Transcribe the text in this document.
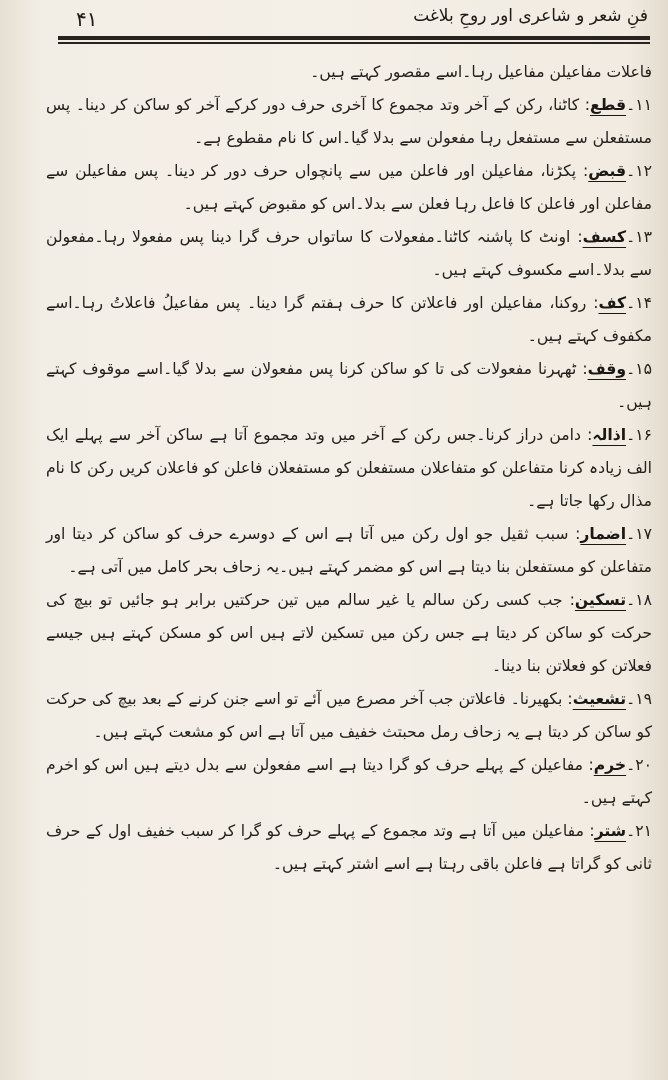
۴۱	فنِ شعر و شاعری اور روحِ بلاغت

فاعلات مفاعیلن مفاعیل رہا۔اسے مقصور کہتے ہیں۔

۱۱۔قطع: کاٹنا، رکن کے آخر وتد مجموع کا آخری حرف دور کرکے آخر کو ساکن کر دینا۔ پس مستفعلن سے مستفعل رہا مفعولن سے بدلا گیا۔اس کا نام مقطوع ہے۔

۱۲۔قبض: پکڑنا، مفاعیلن اور فاعلن میں سے پانچواں حرف دور کر دینا۔ پس مفاعیلن سے مفاعلن اور فاعلن کا فاعل رہا فعلن سے بدلا۔اس کو مقبوض کہتے ہیں۔

۱۳۔کسف: اونٹ کا پاشنہ کاٹنا۔مفعولات کا ساتواں حرف گرا دینا پس مفعولا رہا۔مفعولن سے بدلا۔اسے مکسوف کہتے ہیں۔

۱۴۔کف: روکنا، مفاعیلن اور فاعلاتن کا حرف ہفتم گرا دینا۔ پس مفاعیلُ فاعلاتُ رہا۔اسے مکفوف کہتے ہیں۔

۱۵۔وقف: ٹھہرنا مفعولات کی تا کو ساکن کرنا پس مفعولان سے بدلا گیا۔اسے موقوف کہتے ہیں۔

۱۶۔اذالہ: دامن دراز کرنا۔جس رکن کے آخر میں وتد مجموع آتا ہے ساکن آخر سے پہلے ایک الف زیادہ کرنا متفاعلن کو متفاعلان مستفعلن کو مستفعلان فاعلن کو فاعلان کریں رکن کا نام مذال رکھا جاتا ہے۔

۱۷۔اضمار: سبب ثقیل جو اول رکن میں آتا ہے اس کے دوسرے حرف کو ساکن کر دیتا اور متفاعلن کو مستفعلن بنا دیتا ہے اس کو مضمر کہتے ہیں۔یہ زحاف بحر کامل میں آتی ہے۔

۱۸۔تسکین: جب کسی رکن سالم یا غیر سالم میں تین حرکتیں برابر ہو جائیں تو بیچ کی حرکت کو ساکن کر دیتا ہے جس رکن میں تسکین لاتے ہیں اس کو مسکن کہتے ہیں جیسے فعلاتن کو فعلاتن بنا دینا۔

۱۹۔تشعیث: بکھیرنا۔ فاعلاتن جب آخر مصرع میں آئے تو اسے جنن کرنے کے بعد بیچ کی حرکت کو ساکن کر دیتا ہے یہ زحاف رمل محبتث خفیف میں آتا ہے اس کو مشعت کہتے ہیں۔

۲۰۔خرم: مفاعیلن کے پہلے حرف کو گرا دیتا ہے اسے مفعولن سے بدل دیتے ہیں اس کو اخرم کہتے ہیں۔

۲۱۔شتر: مفاعیلن میں آتا ہے وتد مجموع کے پہلے حرف کو گرا کر سبب خفیف اول کے حرف ثانی کو گراتا ہے فاعلن باقی رہتا ہے اسے اشتر کہتے ہیں۔
